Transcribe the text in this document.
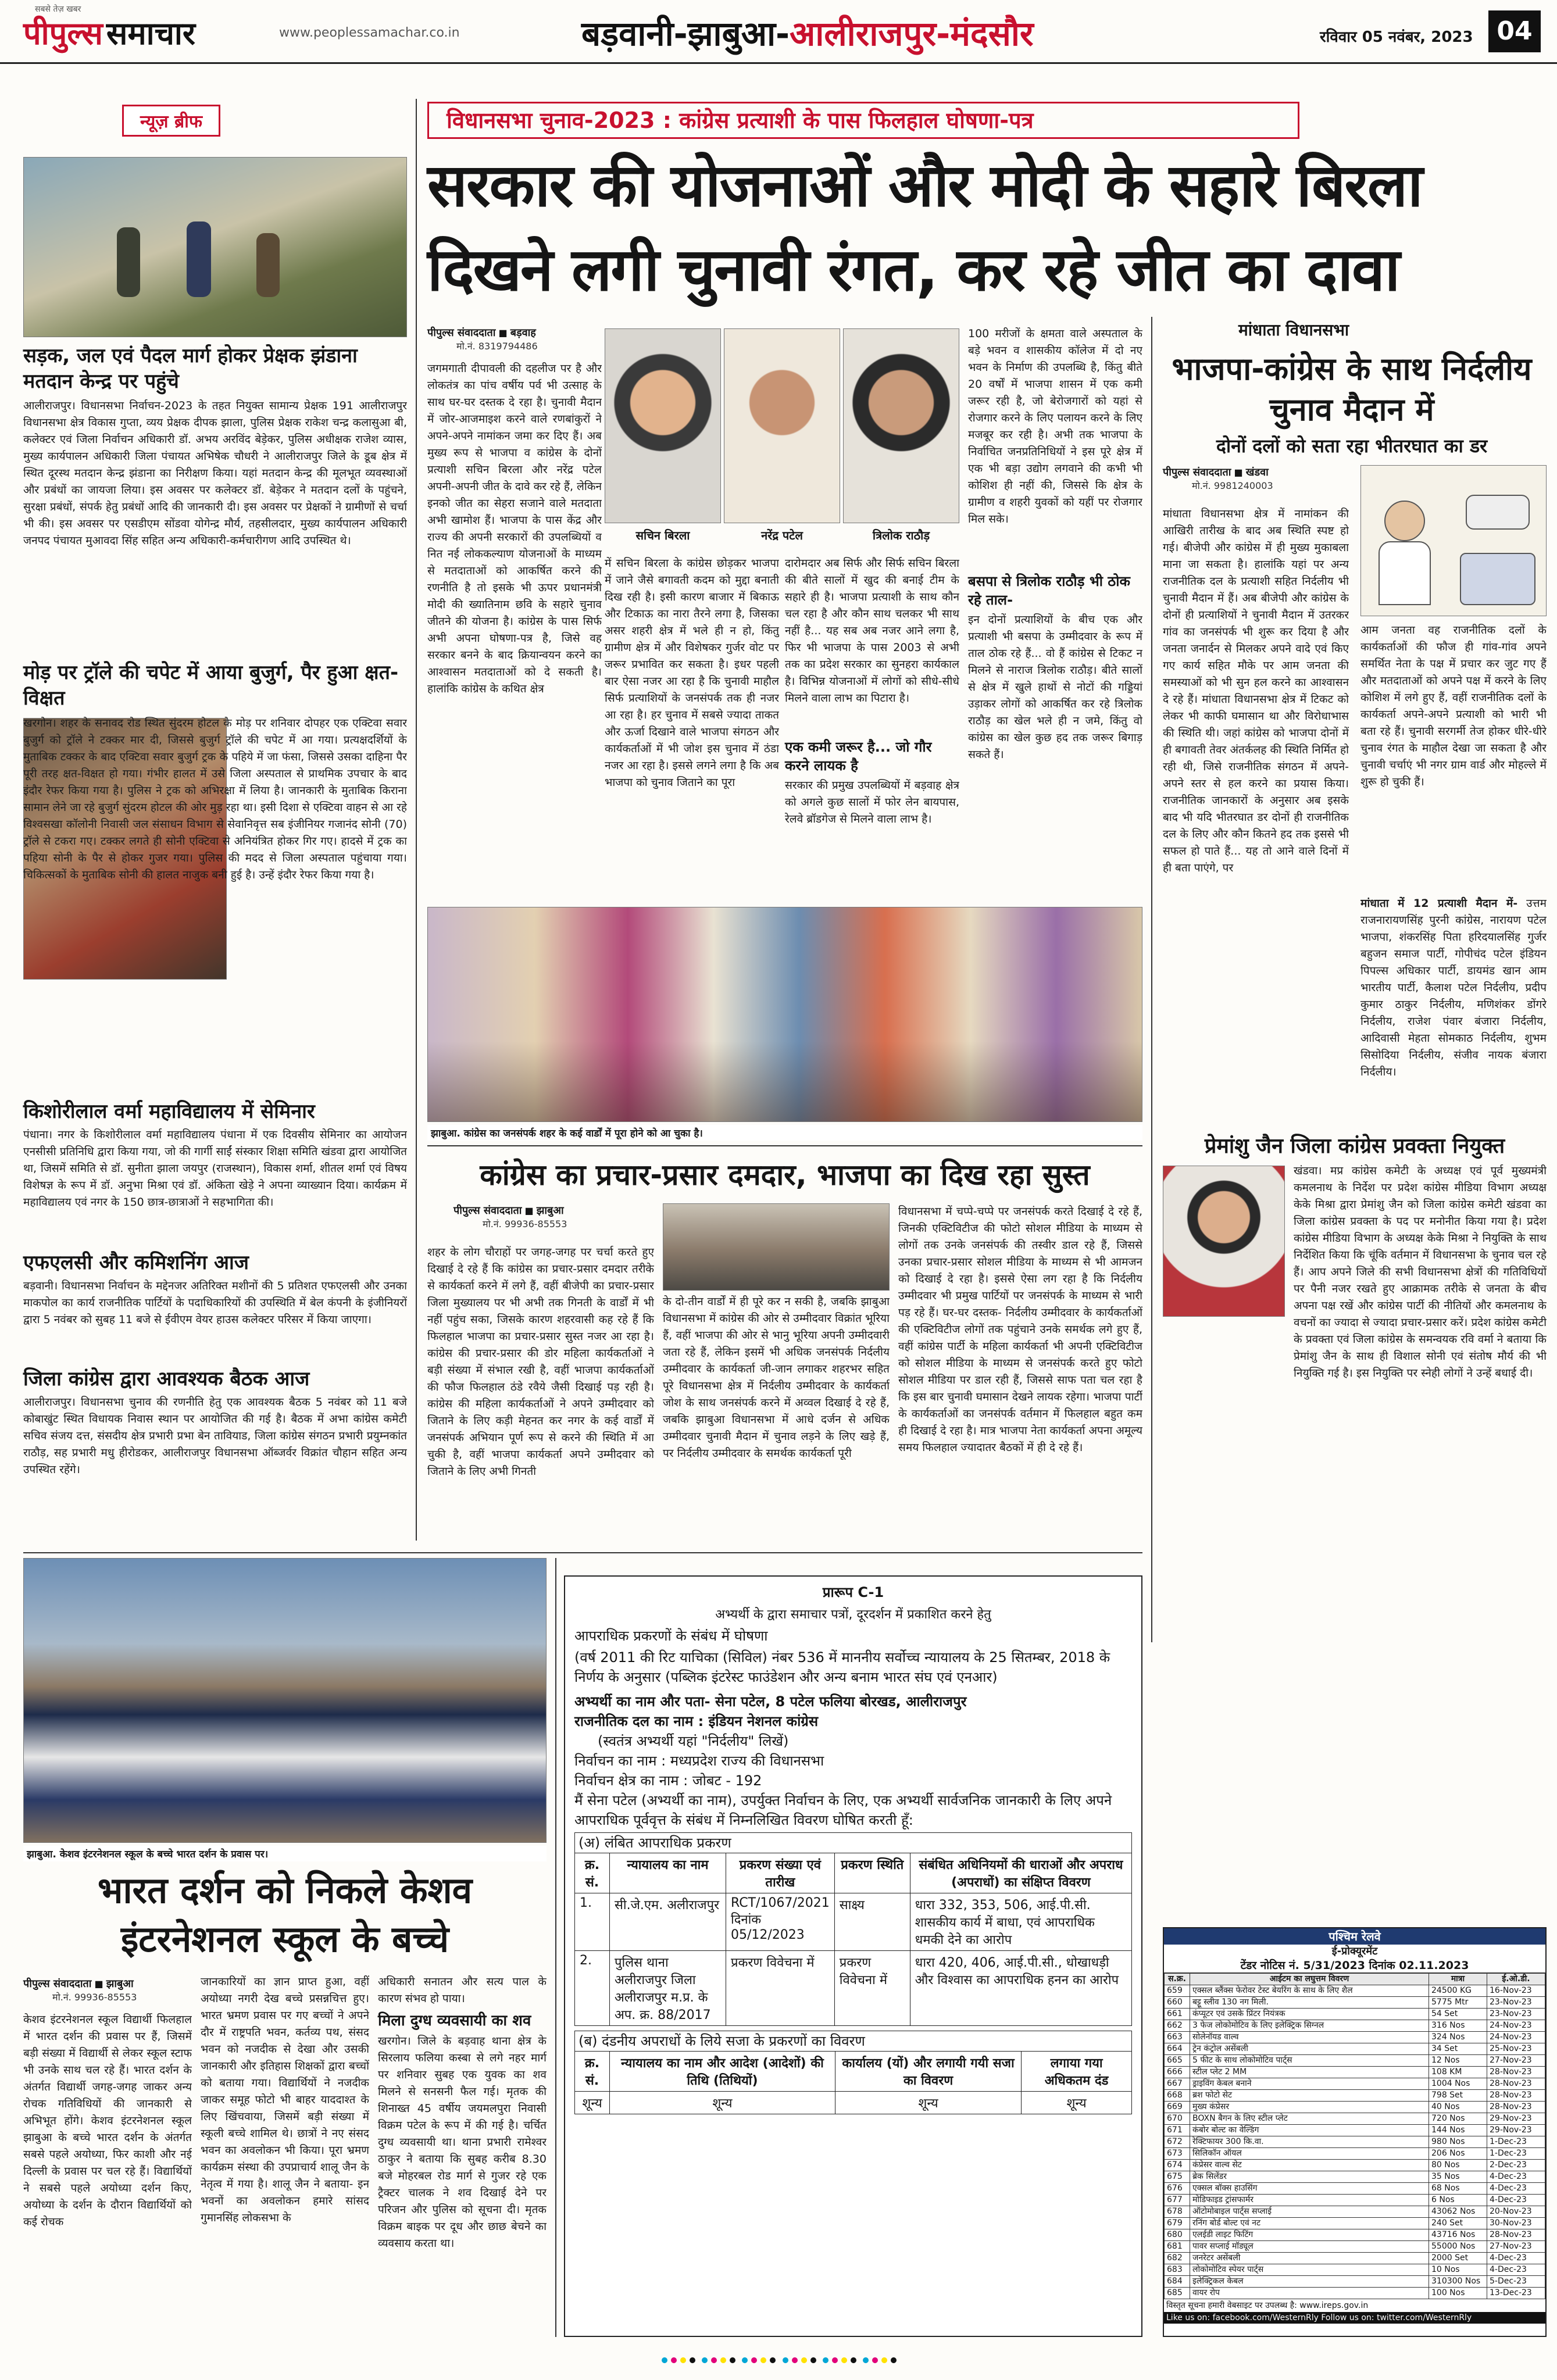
पीपुल्स समाचार
सबसे तेज़ खबर
www.peoplessamachar.co.in	बड़वानी-झाबुआ-आलीराजपुर-मंदसौर	रविवार 05 नवंबर, 2023 04
न्यूज़ ब्रीफ
सड़क, जल एवं पैदल मार्ग होकर प्रेक्षक झंडाना मतदान केन्द्र पर पहुंचे
आलीराजपुर। विधानसभा निर्वाचन-2023 के तहत नियुक्त सामान्य प्रेक्षक 191 आलीराजपुर विधानसभा क्षेत्र विकास गुप्ता, व्यय प्रेक्षक दीपक झाला, पुलिस प्रेक्षक राकेश चन्द्र कलासुआ बी, कलेक्टर एवं जिला निर्वाचन अधिकारी डॉ. अभय अरविंद बेड़ेकर, पुलिस अधीक्षक राजेश व्यास, मुख्य कार्यपालन अधिकारी जिला पंचायत अभिषेक चौधरी ने आलीराजपुर जिले के डूब क्षेत्र में स्थित दूरस्थ मतदान केन्द्र झंडाना का निरीक्षण किया। यहां मतदान केन्द्र की मूलभूत व्यवस्थाओं और प्रबंधों का जायजा लिया। इस अवसर पर कलेक्टर डॉ. बेड़ेकर ने मतदान दलों के पहुंचने, सुरक्षा प्रबंधों, संपर्क हेतु प्रबंधों आदि की जानकारी दी। इस अवसर पर प्रेक्षकों ने ग्रामीणों से चर्चा भी की। इस अवसर पर एसडीएम सोंडवा योगेन्द्र मौर्य, तहसीलदार, मुख्य कार्यपालन अधिकारी जनपद पंचायत मुआवदा सिंह सहित अन्य अधिकारी-कर्मचारीगण आदि उपस्थित थे।
मोड़ पर ट्रॉले की चपेट में आया बुजुर्ग, पैर हुआ क्षत-विक्षत
खरगोन। शहर के सनावद रोड स्थित सुंदरम होटल के मोड़ पर शनिवार दोपहर एक एक्टिवा सवार बुजुर्ग को ट्रॉले ने टक्कर मार दी, जिससे बुजुर्ग ट्रॉले की चपेट में आ गया। प्रत्यक्षदर्शियों के मुताबिक टक्कर के बाद एक्टिवा सवार बुजुर्ग ट्रक के पहिये में जा फंसा, जिससे उसका दाहिना पैर पूरी तरह क्षत-विक्षत हो गया। गंभीर हालत में उसे जिला अस्पताल से प्राथमिक उपचार के बाद इंदौर रेफर किया गया है। पुलिस ने ट्रक को अभिरक्षा में लिया है। जानकारी के मुताबिक किराना सामान लेने जा रहे बुजुर्ग सुंदरम होटल की ओर मुड़ रहा था। इसी दिशा से एक्टिवा वाहन से आ रहे विश्वसखा कॉलोनी निवासी जल संसाधन विभाग से सेवानिवृत्त सब इंजीनियर गजानंद सोनी (70) ट्रॉले से टकरा गए। टक्कर लगते ही सोनी एक्टिवा से अनियंत्रित होकर गिर गए। हादसे में ट्रक का पहिया सोनी के पैर से होकर गुजर गया। पुलिस की मदद से जिला अस्पताल पहुंचाया गया। चिकित्सकों के मुताबिक सोनी की हालत नाजुक बनी हुई है। उन्हें इंदौर रेफर किया गया है।
किशोरीलाल वर्मा महाविद्यालय में सेमिनार
पंधाना। नगर के किशोरीलाल वर्मा महाविद्यालय पंधाना में एक दिवसीय सेमिनार का आयोजन एनसीसी प्रतिनिधि द्वारा किया गया, जो की गार्गी साईं संस्कार शिक्षा समिति खंडवा द्वारा आयोजित था, जिसमें समिति से डॉ. सुनीता झाला जयपुर (राजस्थान), विकास शर्मा, शीतल शर्मा एवं विषय विशेषज्ञ के रूप में डॉ. अनुभा मिश्रा एवं डॉ. अंकिता खेड़े ने अपना व्याख्यान दिया। कार्यक्रम में महाविद्यालय एवं नगर के 150 छात्र-छात्राओं ने सहभागिता की।
एफएलसी और कमिशनिंग आज
बड़वानी। विधानसभा निर्वाचन के मद्देनजर अतिरिक्त मशीनों की 5 प्रतिशत एफएलसी और उनका माकपोल का कार्य राजनीतिक पार्टियों के पदाधिकारियों की उपस्थिति में बेल कंपनी के इंजीनियरों द्वारा 5 नवंबर को सुबह 11 बजे से ईवीएम वेयर हाउस कलेक्टर परिसर में किया जाएगा।
जिला कांग्रेस द्वारा आवश्यक बैठक आज
आलीराजपुर। विधानसभा चुनाव की रणनीति हेतु एक आवश्यक बैठक 5 नवंबर को 11 बजे कोबाखुंट स्थित विधायक निवास स्थान पर आयोजित की गई है। बैठक में अभा कांग्रेस कमेटी सचिव संजय दत्त, संसदीय क्षेत्र प्रभारी प्रभा बेन तावियाड, जिला कांग्रेस संगठन प्रभारी प्रयुम्नकांत राठौड़, सह प्रभारी मधु हीरोडकर, आलीराजपुर विधानसभा ऑब्जर्वर विक्रांत चौहान सहित अन्य उपस्थित रहेंगे।
विधानसभा चुनाव-2023 : कांग्रेस प्रत्याशी के पास फिलहाल घोषणा-पत्र
सरकार की योजनाओं और मोदी के सहारे बिरला
दिखने लगी चुनावी रंगत, कर रहे जीत का दावा
पीपुल्स संवाददाता ■ बड़वाह
मो.नं. 8319794486
जगमगाती दीपावली की दहलीज पर है और लोकतंत्र का पांच वर्षीय पर्व भी उत्साह के साथ घर-घर दस्तक दे रहा है। चुनावी मैदान में जोर-आजमाइश करने वाले रणबांकुरों ने अपने-अपने नामांकन जमा कर दिए हैं। अब मुख्य रूप से भाजपा व कांग्रेस के दोनों प्रत्याशी सचिन बिरला और नरेंद्र पटेल अपनी-अपनी जीत के दावे कर रहे हैं, लेकिन इनको जीत का सेहरा सजाने वाले मतदाता अभी खामोश हैं। भाजपा के पास केंद्र और राज्य की अपनी सरकारों की उपलब्धियों व नित नई लोककल्याण योजनाओं के माध्यम से मतदाताओं को आकर्षित करने की रणनीति है तो इसके भी ऊपर प्रधानमंत्री मोदी की ख्यातिनाम छवि के सहारे चुनाव जीतने की योजना है। कांग्रेस के पास सिर्फ अभी अपना घोषणा-पत्र है, जिसे वह सरकार बनने के बाद क्रियान्वयन करने का आश्वासन मतदाताओं को दे सकती है। हालांकि कांग्रेस के कथित क्षेत्र
सचिन बिरला	नरेंद्र पटेल	त्रिलोक राठौड़
में सचिन बिरला के कांग्रेस छोड़कर भाजपा में जाने जैसे बगावती कदम को मुद्दा बनाती दिख रही है। इसी कारण बाजार में बिकाऊ और टिकाऊ का नारा तैरने लगा है, जिसका असर शहरी क्षेत्र में भले ही न हो, किंतु ग्रामीण क्षेत्र में और विशेषकर गुर्जर वोट पर जरूर प्रभावित कर सकता है। इधर पहली बार ऐसा नजर आ रहा है कि चुनावी माहौल सिर्फ प्रत्याशियों के जनसंपर्क तक ही नजर आ रहा है। हर चुनाव में सबसे ज्यादा ताकत और ऊर्जा दिखाने वाले भाजपा संगठन और कार्यकर्ताओं में भी जोश इस चुनाव में ठंडा नजर आ रहा है। इससे लगने लगा है कि अब भाजपा को चुनाव जिताने का पूरा
दारोमदार अब सिर्फ और सिर्फ सचिन बिरला की बीते सालों में खुद की बनाई टीम के सहारे ही है। भाजपा प्रत्याशी के साथ कौन चल रहा है और कौन साथ चलकर भी साथ नहीं है... यह सब अब नजर आने लगा है, फिर भी भाजपा के पास 2003 से अभी तक का प्रदेश सरकार का सुनहरा कार्यकाल है। विभिन्न योजनाओं में लोगों को सीधे-सीधे मिलने वाला लाभ का पिटारा है।
एक कमी जरूर है... जो गौर करने लायक है
सरकार की प्रमुख उपलब्धियों में बड़वाह क्षेत्र को अगले कुछ सालों में फोर लेन बायपास, रेलवे ब्रॉडगेज से मिलने वाला लाभ है।
100 मरीजों के क्षमता वाले अस्पताल के बड़े भवन व शासकीय कॉलेज में दो नए भवन के निर्माण की उपलब्धि है, किंतु बीते 20 वर्षों में भाजपा शासन में एक कमी जरूर रही है, जो बेरोजगारों को यहां से रोजगार करने के लिए पलायन करने के लिए मजबूर कर रही है। अभी तक भाजपा के निर्वाचित जनप्रतिनिधियों ने इस पूरे क्षेत्र में एक भी बड़ा उद्योग लगवाने की कभी भी कोशिश ही नहीं की, जिससे कि क्षेत्र के ग्रामीण व शहरी युवकों को यहीं पर रोजगार मिल सके।
बसपा से त्रिलोक राठौड़ भी ठोक रहे ताल-
इन दोनों प्रत्याशियों के बीच एक और प्रत्याशी भी बसपा के उम्मीदवार के रूप में ताल ठोक रहे हैं... वो हैं कांग्रेस से टिकट न मिलने से नाराज त्रिलोक राठौड़। बीते सालों से क्षेत्र में खुले हाथों से नोटों की गड्डियां उड़ाकर लोगों को आकर्षित कर रहे त्रिलोक राठौड़ का खेल भले ही न जमे, किंतु वो कांग्रेस का खेल कुछ हद तक जरूर बिगाड़ सकते हैं।
मांधाता विधानसभा
भाजपा-कांग्रेस के साथ निर्दलीय चुनाव मैदान में
दोनों दलों को सता रहा भीतरघात का डर
पीपुल्स संवाददाता ■ खंडवा
मो.नं. 9981240003
मांधाता विधानसभा क्षेत्र में नामांकन की आखिरी तारीख के बाद अब स्थिति स्पष्ट हो गई। बीजेपी और कांग्रेस में ही मुख्य मुकाबला माना जा सकता है। हालांकि यहां पर अन्य राजनीतिक दल के प्रत्याशी सहित निर्दलीय भी चुनावी मैदान में हैं। अब बीजेपी और कांग्रेस के दोनों ही प्रत्याशियों ने चुनावी मैदान में उतरकर गांव का जनसंपर्क भी शुरू कर दिया है और जनता जनार्दन से मिलकर अपने वादे एवं किए गए कार्य सहित मौके पर आम जनता की समस्याओं को भी सुन हल करने का आश्वासन दे रहे हैं। मांधाता विधानसभा क्षेत्र में टिकट को लेकर भी काफी घमासान था और विरोधाभास की स्थिति थी। जहां कांग्रेस को भाजपा दोनों में ही बगावती तेवर अंतर्कलह की स्थिति निर्मित हो रही थी, जिसे राजनीतिक संगठन में अपने-अपने स्तर से हल करने का प्रयास किया। राजनीतिक जानकारों के अनुसार अब इसके बाद भी यदि भीतरघात डर दोनों ही राजनीतिक दल के लिए और कौन कितने हद तक इससे भी सफल हो पाते हैं... यह तो आने वाले दिनों में ही बता पाएंगे, पर
आम जनता वह राजनीतिक दलों के कार्यकर्ताओं की फौज ही गांव-गांव अपने समर्थित नेता के पक्ष में प्रचार कर जुट गए हैं और मतदाताओं को अपने पक्ष में करने के लिए कोशिश में लगे हुए हैं, वहीं राजनीतिक दलों के कार्यकर्ता अपने-अपने प्रत्याशी को भारी भी बता रहे हैं। चुनावी सरगर्मी तेज होकर धीरे-धीरे चुनाव रंगत के माहौल देखा जा सकता है और चुनावी चर्चाएं भी नगर ग्राम वार्ड और मोहल्ले में शुरू हो चुकी हैं।
मांधाता में 12 प्रत्याशी मैदान में- उत्तम राजनारायणसिंह पुरनी कांग्रेस, नारायण पटेल भाजपा, शंकरसिंह पिता हरिदयालसिंह गुर्जर बहुजन समाज पार्टी, गोपीचंद पटेल इंडियन पिपल्स अधिकार पार्टी, डायमंड खान आम भारतीय पार्टी, कैलाश पटेल निर्दलीय, प्रदीप कुमार ठाकुर निर्दलीय, मणिशंकर डोंगरे निर्दलीय, राजेश पंवार बंजारा निर्दलीय, आदिवासी मेहता सोमकाठ निर्दलीय, शुभम सिसोदिया निर्दलीय, संजीव नायक बंजारा निर्दलीय।
झाबुआ. कांग्रेस का जनसंपर्क शहर के कई वार्डों में पूरा होने को आ चुका है।
कांग्रेस का प्रचार-प्रसार दमदार, भाजपा का दिख रहा सुस्त
पीपुल्स संवाददाता ■ झाबुआ
मो.नं. 99936-85553
शहर के लोग चौराहों पर जगह-जगह पर चर्चा करते हुए दिखाई दे रहे हैं कि कांग्रेस का प्रचार-प्रसार दमदार तरीके से कार्यकर्ता करने में लगे हैं, वहीं बीजेपी का प्रचार-प्रसार जिला मुख्यालय पर भी अभी तक गिनती के वार्डों में भी नहीं पहुंच सका, जिसके कारण शहरवासी कह रहे हैं कि फिलहाल भाजपा का प्रचार-प्रसार सुस्त नजर आ रहा है। कांग्रेस की प्रचार-प्रसार की डोर महिला कार्यकर्ताओं ने बड़ी संख्या में संभाल रखी है, वहीं भाजपा कार्यकर्ताओं की फौज फिलहाल ठंडे रवैये जैसी दिखाई पड़ रही है। कांग्रेस की महिला कार्यकर्ताओं ने अपने उम्मीदवार को जिताने के लिए कड़ी मेहनत कर नगर के कई वार्डों में जनसंपर्क अभियान पूर्ण रूप से करने की स्थिति में आ चुकी है, वहीं भाजपा कार्यकर्ता अपने उम्मीदवार को जिताने के लिए अभी गिनती
के दो-तीन वार्डों में ही पूरे कर न सकी है, जबकि झाबुआ विधानसभा में कांग्रेस की ओर से उम्मीदवार विक्रांत भूरिया हैं, वहीं भाजपा की ओर से भानु भूरिया अपनी उम्मीदवारी जता रहे हैं, लेकिन इसमें भी अधिक जनसंपर्क निर्दलीय उम्मीदवार के कार्यकर्ता जी-जान लगाकर शहरभर सहित पूरे विधानसभा क्षेत्र में निर्दलीय उम्मीदवार के कार्यकर्ता जोश के साथ जनसंपर्क करने में अव्वल दिखाई दे रहे हैं, जबकि झाबुआ विधानसभा में आधे दर्जन से अधिक उम्मीदवार चुनावी मैदान में चुनाव लड़ने के लिए खड़े हैं, पर निर्दलीय उम्मीदवार के समर्थक कार्यकर्ता पूरी
विधानसभा में चप्पे-चप्पे पर जनसंपर्क करते दिखाई दे रहे हैं, जिनकी एक्टिविटीज की फोटो सोशल मीडिया के माध्यम से लोगों तक उनके जनसंपर्क की तस्वीर डाल रहे हैं, जिससे उनका प्रचार-प्रसार सोशल मीडिया के माध्यम से भी आमजन को दिखाई दे रहा है। इससे ऐसा लग रहा है कि निर्दलीय उम्मीदवार भी प्रमुख पार्टियों पर जनसंपर्क के माध्यम से भारी पड़ रहे हैं। घर-घर दस्तक- निर्दलीय उम्मीदवार के कार्यकर्ताओं की एक्टिविटीज लोगों तक पहुंचाने उनके समर्थक लगे हुए हैं, वहीं कांग्रेस पार्टी के महिला कार्यकर्ता भी अपनी एक्टिविटीज को सोशल मीडिया के माध्यम से जनसंपर्क करते हुए फोटो सोशल मीडिया पर डाल रही हैं, जिससे साफ पता चल रहा है कि इस बार चुनावी घमासान देखने लायक रहेगा। भाजपा पार्टी के कार्यकर्ताओं का जनसंपर्क वर्तमान में फिलहाल बहुत कम ही दिखाई दे रहा है। मात्र भाजपा नेता कार्यकर्ता अपना अमूल्य समय फिलहाल ज्यादातर बैठकों में ही दे रहे हैं।
प्रेमांशु जैन जिला कांग्रेस प्रवक्ता नियुक्त
खंडवा। मप्र कांग्रेस कमेटी के अध्यक्ष एवं पूर्व मुख्यमंत्री कमलनाथ के निर्देश पर प्रदेश कांग्रेस मीडिया विभाग अध्यक्ष केके मिश्रा द्वारा प्रेमांशु जैन को जिला कांग्रेस कमेटी खंडवा का जिला कांग्रेस प्रवक्ता के पद पर मनोनीत किया गया है। प्रदेश कांग्रेस मीडिया विभाग के अध्यक्ष केके मिश्रा ने नियुक्ति के साथ निर्देशित किया कि चूंकि वर्तमान में विधानसभा के चुनाव चल रहे हैं। आप अपने जिले की सभी विधानसभा क्षेत्रों की गतिविधियों पर पैनी नजर रखते हुए आक्रामक तरीके से जनता के बीच अपना पक्ष रखें और कांग्रेस पार्टी की नीतियों और कमलनाथ के वचनों का ज्यादा से ज्यादा प्रचार-प्रसार करें। प्रदेश कांग्रेस कमेटी के प्रवक्ता एवं जिला कांग्रेस के समन्वयक रवि वर्मा ने बताया कि प्रेमांशु जैन के साथ ही विशाल सोनी एवं संतोष मौर्य की भी नियुक्ति गई है। इस नियुक्ति पर स्नेही लोगों ने उन्हें बधाई दी।
झाबुआ. केशव इंटरनेशनल स्कूल के बच्चे भारत दर्शन के प्रवास पर।
भारत दर्शन को निकले केशव इंटरनेशनल स्कूल के बच्चे
पीपुल्स संवाददाता ■ झाबुआ
मो.नं. 99936-85553
केशव इंटरनेशनल स्कूल विद्यार्थी फिलहाल में भारत दर्शन की प्रवास पर हैं, जिसमें बड़ी संख्या में विद्यार्थी से लेकर स्कूल स्टाफ भी उनके साथ चल रहे हैं। भारत दर्शन के अंतर्गत विद्यार्थी जगह-जगह जाकर अन्य रोचक गतिविधियों की जानकारी से अभिभूत होंगे। केशव इंटरनेशनल स्कूल झाबुआ के बच्चे भारत दर्शन के अंतर्गत सबसे पहले अयोध्या, फिर काशी और नई दिल्ली के प्रवास पर चल रहे हैं। विद्यार्थियों ने सबसे पहले अयोध्या दर्शन किए, अयोध्या के दर्शन के दौरान विद्यार्थियों को कई रोचक
जानकारियों का ज्ञान प्राप्त हुआ, वहीं अयोध्या नगरी देख बच्चे प्रसन्नचित्त हुए। भारत भ्रमण प्रवास पर गए बच्चों ने अपने दौर में राष्ट्रपति भवन, कर्तव्य पथ, संसद भवन को नजदीक से देखा और उसकी जानकारी और इतिहास शिक्षकों द्वारा बच्चों को बताया गया। विद्यार्थियों ने नजदीक जाकर समूह फोटो भी बाहर याददाश्त के लिए खिंचवाया, जिसमें बड़ी संख्या में स्कूली बच्चे शामिल थे। छात्रों ने नए संसद भवन का अवलोकन भी किया। पूरा भ्रमण कार्यक्रम संस्था की उपप्राचार्य शालू जैन के नेतृत्व में गया है। शालू जैन ने बताया- इन भवनों का अवलोकन हमारे सांसद गुमानसिंह लोकसभा के
अधिकारी सनातन और सत्य पाल के कारण संभव हो पाया।
मिला दुग्ध व्यवसायी का शव
खरगोन। जिले के बड़वाह थाना क्षेत्र के सिरलाय फलिया कस्बा से लगे नहर मार्ग पर शनिवार सुबह एक युवक का शव मिलने से सनसनी फैल गई। मृतक की शिनाख्त 45 वर्षीय जयमलपुरा निवासी विक्रम पटेल के रूप में की गई है। चर्चित दुग्ध व्यवसायी था। थाना प्रभारी रामेश्वर ठाकुर ने बताया कि सुबह करीब 8.30 बजे मोहरबल रोड मार्ग से गुजर रहे एक ट्रैक्टर चालक ने शव दिखाई देने पर परिजन और पुलिस को सूचना दी। मृतक विक्रम बाइक पर दूध और छाछ बेचने का व्यवसाय करता था।
प्रारूप C-1
अभ्यर्थी के द्वारा समाचार पत्रों, दूरदर्शन में प्रकाशित करने हेतु
आपराधिक प्रकरणों के संबंध में घोषणा
(वर्ष 2011 की रिट याचिका (सिविल) नंबर 536 में माननीय सर्वोच्च न्यायालय के 25 सितम्बर, 2018 के निर्णय के अनुसार (पब्लिक इंटरेस्ट फाउंडेशन और अन्य बनाम भारत संघ एवं एनआर)
अभ्यर्थी का नाम और पता- सेना पटेल, 8 पटेल फलिया बोरखड, आलीराजपुर
राजनीतिक दल का नाम : इंडियन नेशनल कांग्रेस
(स्वतंत्र अभ्यर्थी यहां "निर्दलीय" लिखें)
निर्वाचन का नाम : मध्यप्रदेश राज्य की विधानसभा
निर्वाचन क्षेत्र का नाम : जोबट - 192
मैं सेना पटेल (अभ्यर्थी का नाम), उपर्युक्त निर्वाचन के लिए, एक अभ्यर्थी सार्वजनिक जानकारी के लिए अपने आपराधिक पूर्ववृत्त के संबंध में निम्नलिखित विवरण घोषित करती हूँ:
(अ) लंबित आपराधिक प्रकरण
क्र. सं.	न्यायालय का नाम	प्रकरण संख्या एवं तारीख	प्रकरण स्थिति	संबंधित अधिनियमों की धाराओं और अपराध (अपराधों) का संक्षिप्त विवरण
1.	सी.जे.एम. अलीराजपुर	RCT/1067/2021 दिनांक 05/12/2023	साक्ष्य	धारा 332, 353, 506, आई.पी.सी. शासकीय कार्य में बाधा, एवं आपराधिक धमकी देने का आरोप
2.	पुलिस थाना अलीराजपुर जिला अलीराजपुर म.प्र. के अप. क्र. 88/2017	प्रकरण विवेचना में	प्रकरण विवेचना में	धारा 420, 406, आई.पी.सी., धोखाधड़ी और विश्वास का आपराधिक हनन का आरोप
(ब) दंडनीय अपराधों के लिये सजा के प्रकरणों का विवरण
क्र. सं.	न्यायालय का नाम और आदेश (आदेशों) की तिथि (तिथियों)	कार्यालय (यों) और लगायी गयी सजा का विवरण	लगाया गया अधिकतम दंड
शून्य	शून्य	शून्य	शून्य
पश्चिम रेलवे
ई-प्रोक्यूरमेंट
टेंडर नोटिस नं. 5/31/2023 दिनांक 02.11.2023
स.क्र.	आईटम का लघुत्तम विवरण	मात्रा	ई.ओ.डी.
659	एक्सल ब्लैंक्स फेरोवर टेस्ट बेयरिंग के साथ के लिए शैल	24500 KG	16-Nov-23
660	बट्टू स्लीव 130 नग मिली.	5775 Mtr	23-Nov-23
661	कंप्यूटर एवं उसके प्रिंटर नियंत्रक	54 Set	23-Nov-23
662	3 फेज लोकोमोटिव के लिए इलेक्ट्रिक सिग्नल	316 Nos	24-Nov-23
663	सोलेनॉयड वाल्व	324 Nos	24-Nov-23
664	ट्रेन कंट्रोल असेंबली	34 Set	25-Nov-23
665	5 फीट के साथ लोकोमोटिव पार्ट्स	12 Nos	27-Nov-23
666	स्टील प्लेट 2 MM	108 KM	28-Nov-23
667	ड्राइविंग केबल बनाने	1004 Nos	28-Nov-23
668	ब्रश फोटो सेट	798 Set	28-Nov-23
669	मुख्य कंप्रेसर	40 Nos	28-Nov-23
670	BOXN बैगन के लिए स्टील प्लेट	720 Nos	29-Nov-23
671	कंबोर बोल्ट का वेल्डिंग	144 Nos	29-Nov-23
672	रेक्टिफायर 300 कि.वा.	980 Nos	1-Dec-23
673	सिलिकॉन ऑयल	206 Nos	1-Dec-23
674	कंप्रेसर वाल्व सेट	80 Nos	2-Dec-23
675	ब्रेक सिलेंडर	35 Nos	4-Dec-23
676	एक्सल बॉक्स हाउसिंग	68 Nos	4-Dec-23
677	मोडिफाइड ट्रांसफार्मर	6 Nos	4-Dec-23
678	ऑटोमोबाइल पार्ट्स सप्लाई	43062 Nos	20-Nov-23
679	रनिंग बोर्ड बोल्ट एवं नट	240 Set	30-Nov-23
680	एलईडी लाइट फिटिंग	43716 Nos	28-Nov-23
681	पावर सप्लाई मॉड्यूल	55000 Nos	27-Nov-23
682	जनरेटर असेंबली	2000 Set	4-Dec-23
683	लोकोमोटिव स्पेयर पार्ट्स	10 Nos	4-Dec-23
684	इलेक्ट्रिकल केबल	310300 Nos	5-Dec-23
685	वायर रोप	100 Nos	13-Dec-23
विस्तृत सूचना हमारी वेबसाइट पर उपलब्ध है: www.ireps.gov.in
Like us on: facebook.com/WesternRly Follow us on: twitter.com/WesternRly
